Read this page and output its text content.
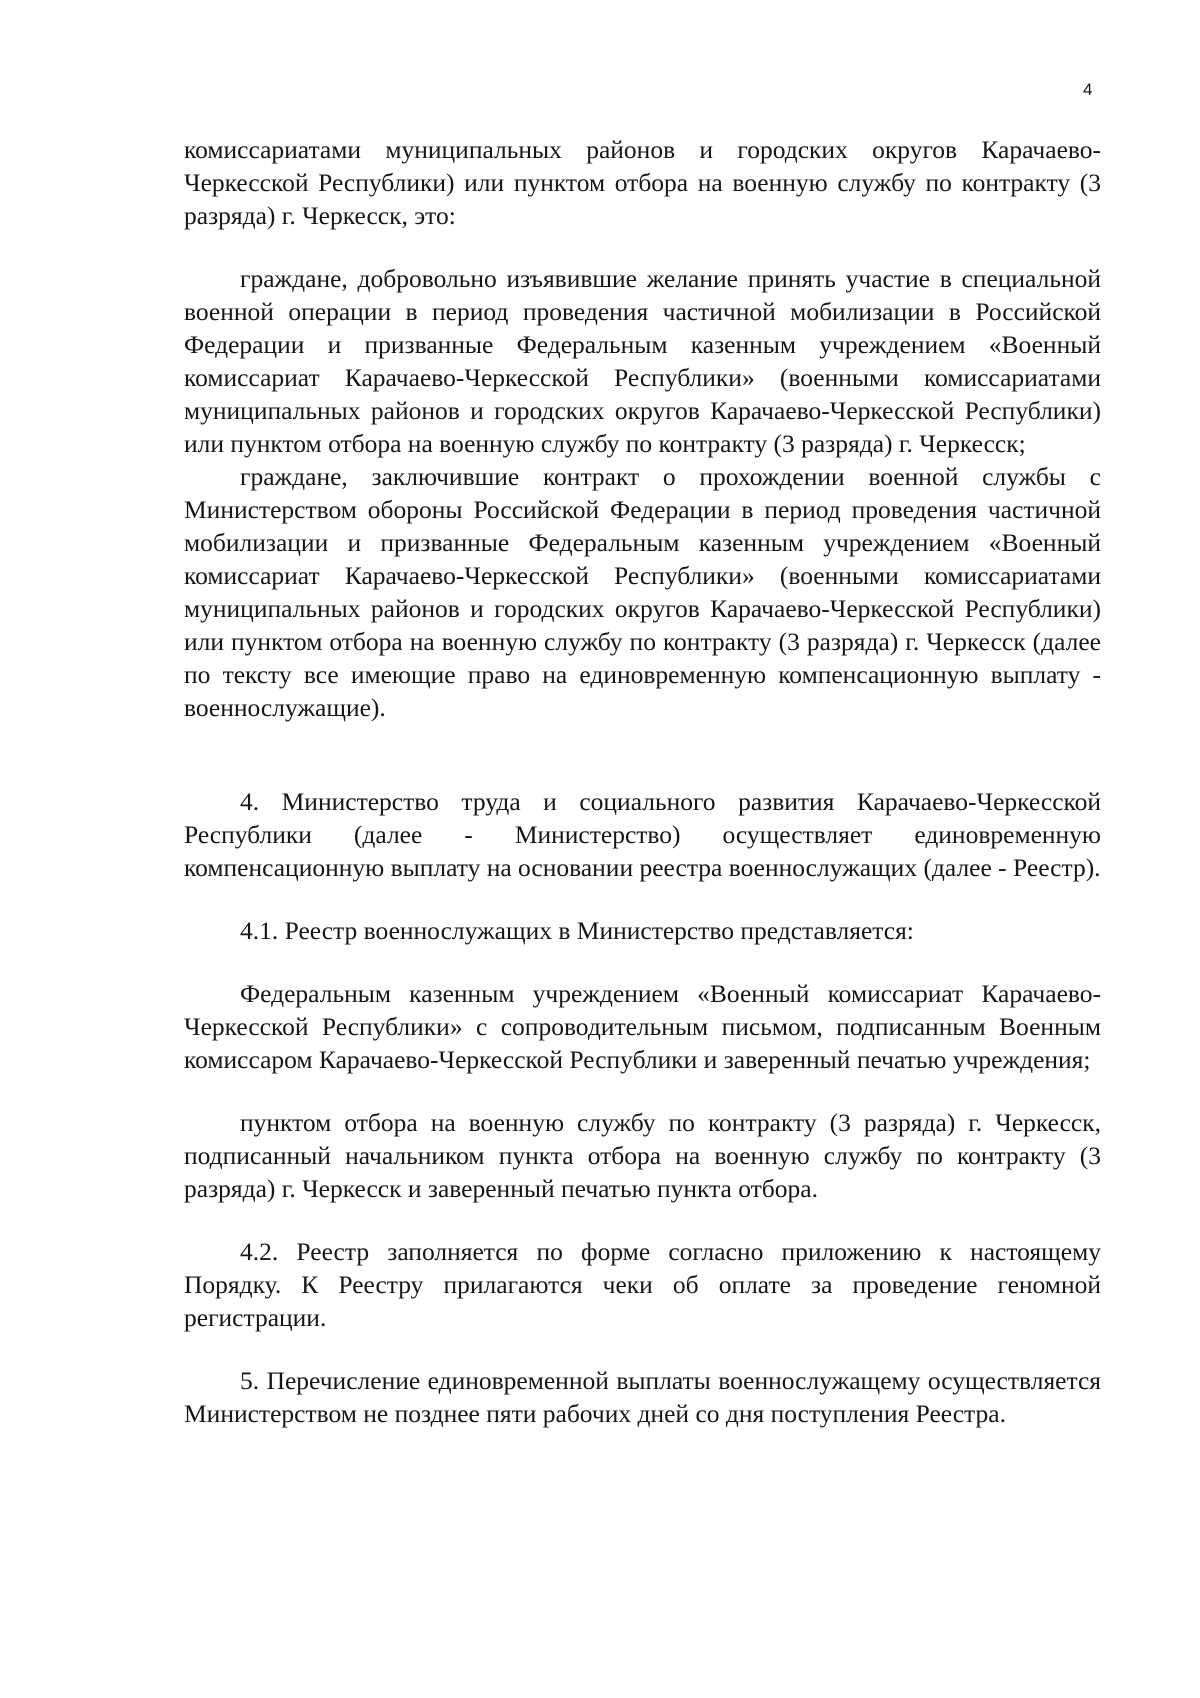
4

комиссариатами муниципальных районов и городских округов Карачаево-Черкесской Республики) или пунктом отбора на военную службу по контракту (3 разряда) г. Черкесск, это:

граждане, добровольно изъявившие желание принять участие в специальной военной операции в период проведения частичной мобилизации в Российской Федерации и призванные Федеральным казенным учреждением «Военный комиссариат Карачаево-Черкесской Республики» (военными комиссариатами муниципальных районов и городских округов Карачаево-Черкесской Республики) или пунктом отбора на военную службу по контракту (3 разряда) г. Черкесск;

граждане, заключившие контракт о прохождении военной службы с Министерством обороны Российской Федерации в период проведения частичной мобилизации и призванные Федеральным казенным учреждением «Военный комиссариат Карачаево-Черкесской Республики» (военными комиссариатами муниципальных районов и городских округов Карачаево-Черкесской Республики) или пунктом отбора на военную службу по контракту (3 разряда) г. Черкесск (далее по тексту все имеющие право на единовременную компенсационную выплату - военнослужащие).

4. Министерство труда и социального развития Карачаево-Черкесской Республики (далее - Министерство) осуществляет единовременную компенсационную выплату на основании реестра военнослужащих (далее - Реестр).

4.1. Реестр военнослужащих в Министерство представляется:

Федеральным казенным учреждением «Военный комиссариат Карачаево-Черкесской Республики» с сопроводительным письмом, подписанным Военным комиссаром Карачаево-Черкесской Республики и заверенный печатью учреждения;

пунктом отбора на военную службу по контракту (3 разряда) г. Черкесск, подписанный начальником пункта отбора на военную службу по контракту (3 разряда) г. Черкесск и заверенный печатью пункта отбора.

4.2. Реестр заполняется по форме согласно приложению к настоящему Порядку. К Реестру прилагаются чеки об оплате за проведение геномной регистрации.

5. Перечисление единовременной выплаты военнослужащему осуществляется Министерством не позднее пяти рабочих дней со дня поступления Реестра.
